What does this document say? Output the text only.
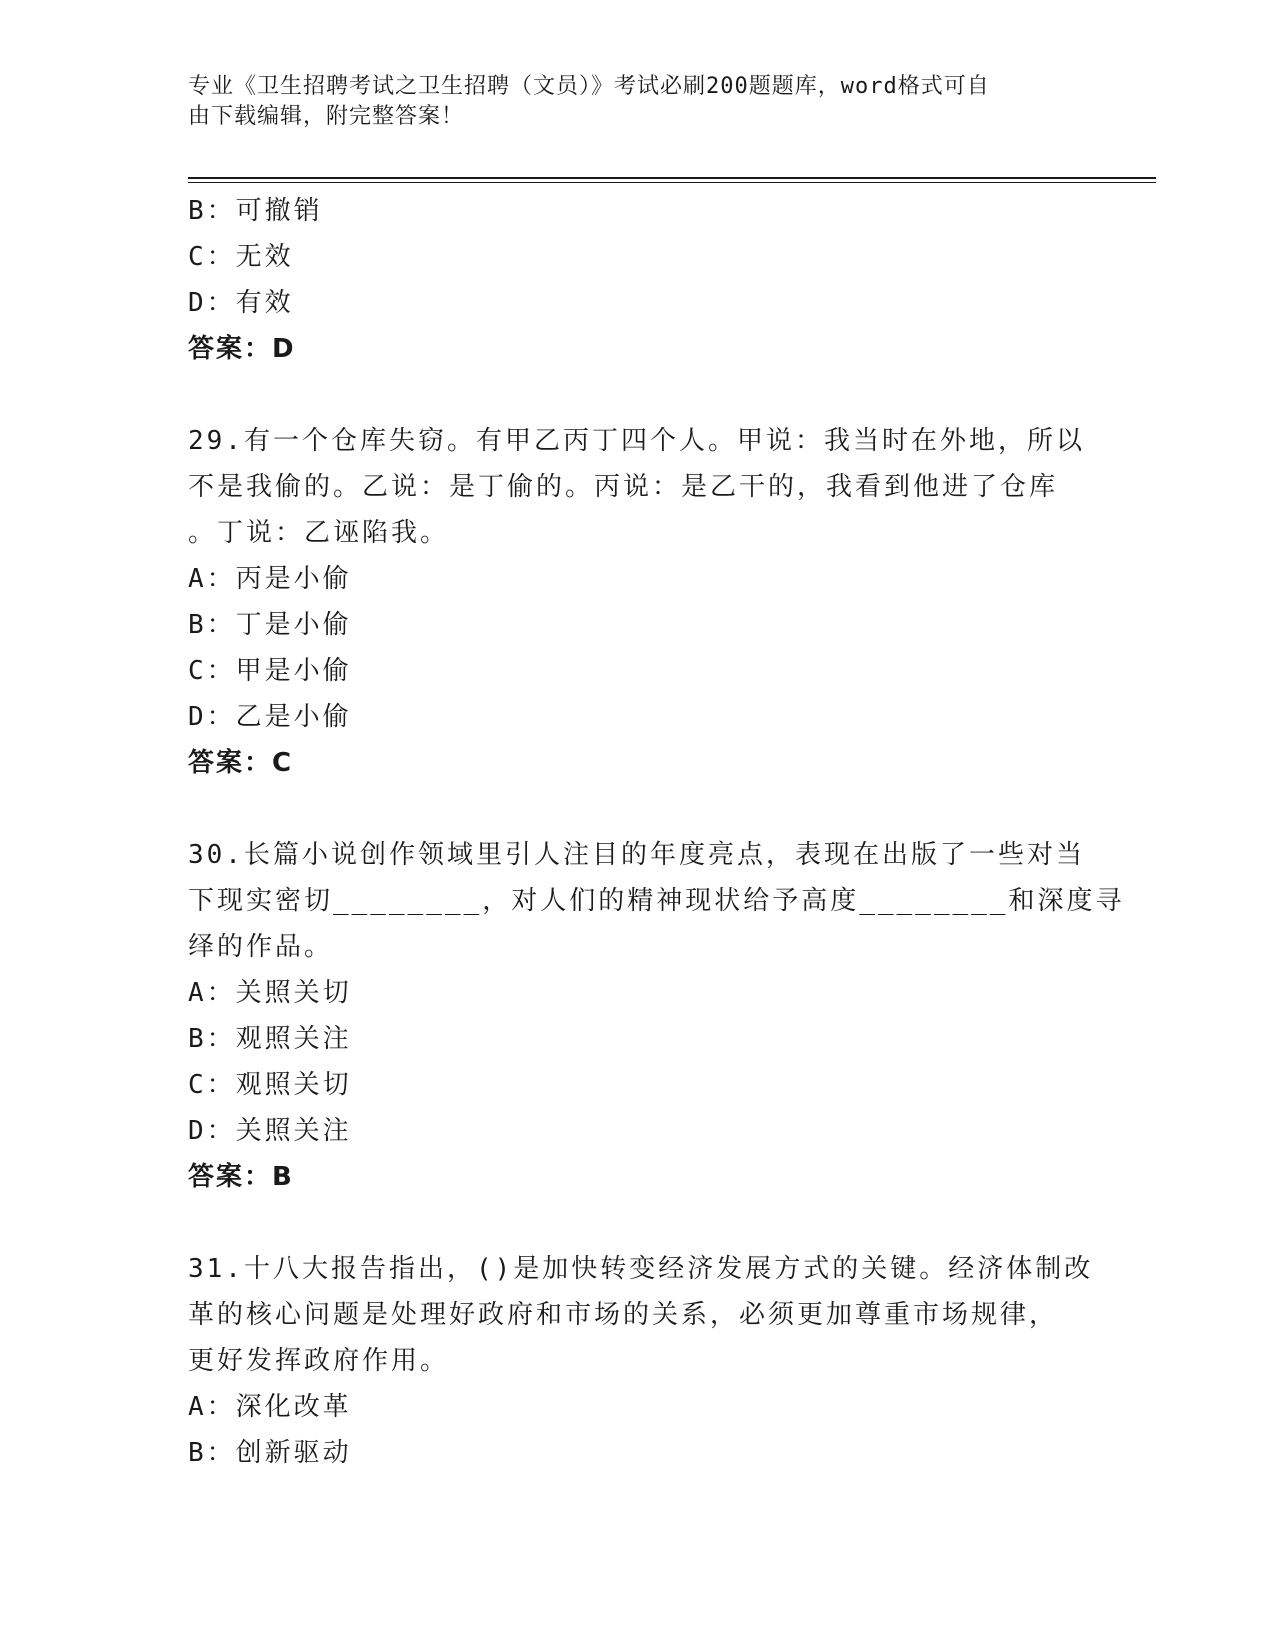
专业《卫生招聘考试之卫生招聘（文员）》考试必刷200题题库，word格式可自
由下载编辑，附完整答案！
B：可撤销
C：无效
D：有效
答案：D
29.有一个仓库失窃。有甲乙丙丁四个人。甲说：我当时在外地，所以
不是我偷的。乙说：是丁偷的。丙说：是乙干的，我看到他进了仓库
。丁说：乙诬陷我。
A：丙是小偷
B：丁是小偷
C：甲是小偷
D：乙是小偷
答案：C
30.长篇小说创作领域里引人注目的年度亮点，表现在出版了一些对当
下现实密切________，对人们的精神现状给予高度________和深度寻
绎的作品。
A：关照关切
B：观照关注
C：观照关切
D：关照关注
答案：B
31.十八大报告指出，()是加快转变经济发展方式的关键。经济体制改
革的核心问题是处理好政府和市场的关系，必须更加尊重市场规律，
更好发挥政府作用。
A：深化改革
B：创新驱动
